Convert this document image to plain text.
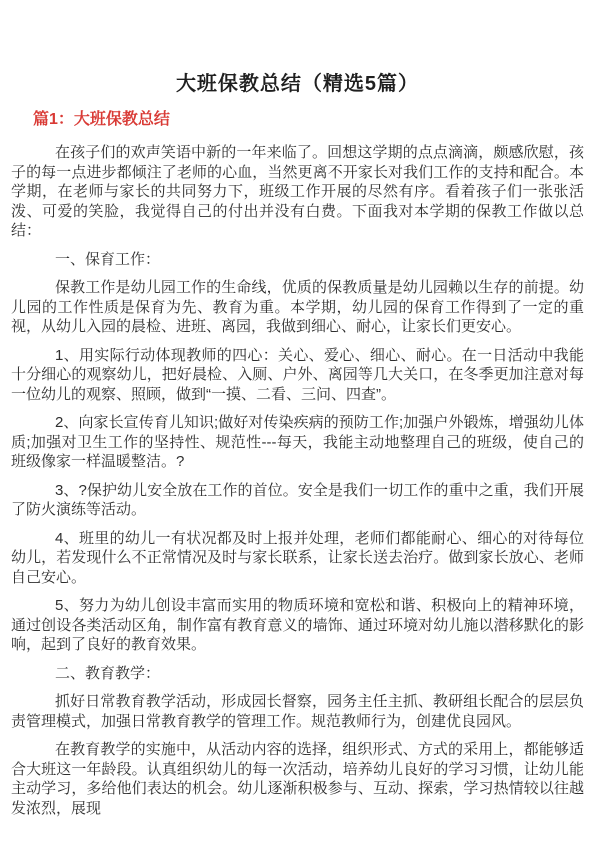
大班保教总结（精选5篇）
篇1：大班保教总结

在孩子们的欢声笑语中新的一年来临了。回想这学期的点点滴滴，颇感欣慰，孩子的每一点进步都倾注了老师的心血，当然更离不开家长对我们工作的支持和配合。本学期，在老师与家长的共同努力下，班级工作开展的尽然有序。看着孩子们一张张活泼、可爱的笑脸，我觉得自己的付出并没有白费。下面我对本学期的保教工作做以总结：

一、保育工作：

保教工作是幼儿园工作的生命线，优质的保教质量是幼儿园赖以生存的前提。幼儿园的工作性质是保育为先、教育为重。本学期，幼儿园的保育工作得到了一定的重视，从幼儿入园的晨检、进班、离园，我做到细心、耐心，让家长们更安心。

1、用实际行动体现教师的四心：关心、爱心、细心、耐心。在一日活动中我能十分细心的观察幼儿，把好晨检、入厕、户外、离园等几大关口，在冬季更加注意对每一位幼儿的观察、照顾，做到“一摸、二看、三问、四查”。

2、向家长宣传育儿知识;做好对传染疾病的预防工作;加强户外锻炼，增强幼儿体质;加强对卫生工作的坚持性、规范性---每天，我能主动地整理自己的班级，使自己的班级像家一样温暖整洁。?

3、?保护幼儿安全放在工作的首位。安全是我们一切工作的重中之重，我们开展了防火演练等活动。

4、班里的幼儿一有状况都及时上报并处理，老师们都能耐心、细心的对待每位幼儿，若发现什么不正常情况及时与家长联系，让家长送去治疗。做到家长放心、老师自己安心。

5、努力为幼儿创设丰富而实用的物质环境和宽松和谐、积极向上的精神环境，通过创设各类活动区角，制作富有教育意义的墙饰、通过环境对幼儿施以潜移默化的影响，起到了良好的教育效果。

二、教育教学：

抓好日常教育教学活动，形成园长督察，园务主任主抓、教研组长配合的层层负责管理模式，加强日常教育教学的管理工作。规范教师行为，创建优良园风。

在教育教学的实施中，从活动内容的选择，组织形式、方式的采用上，都能够适合大班这一年龄段。认真组织幼儿的每一次活动，培养幼儿良好的学习习惯，让幼儿能主动学习，多给他们表达的机会。幼儿逐渐积极参与、互动、探索，学习热情较以往越发浓烈，展现
